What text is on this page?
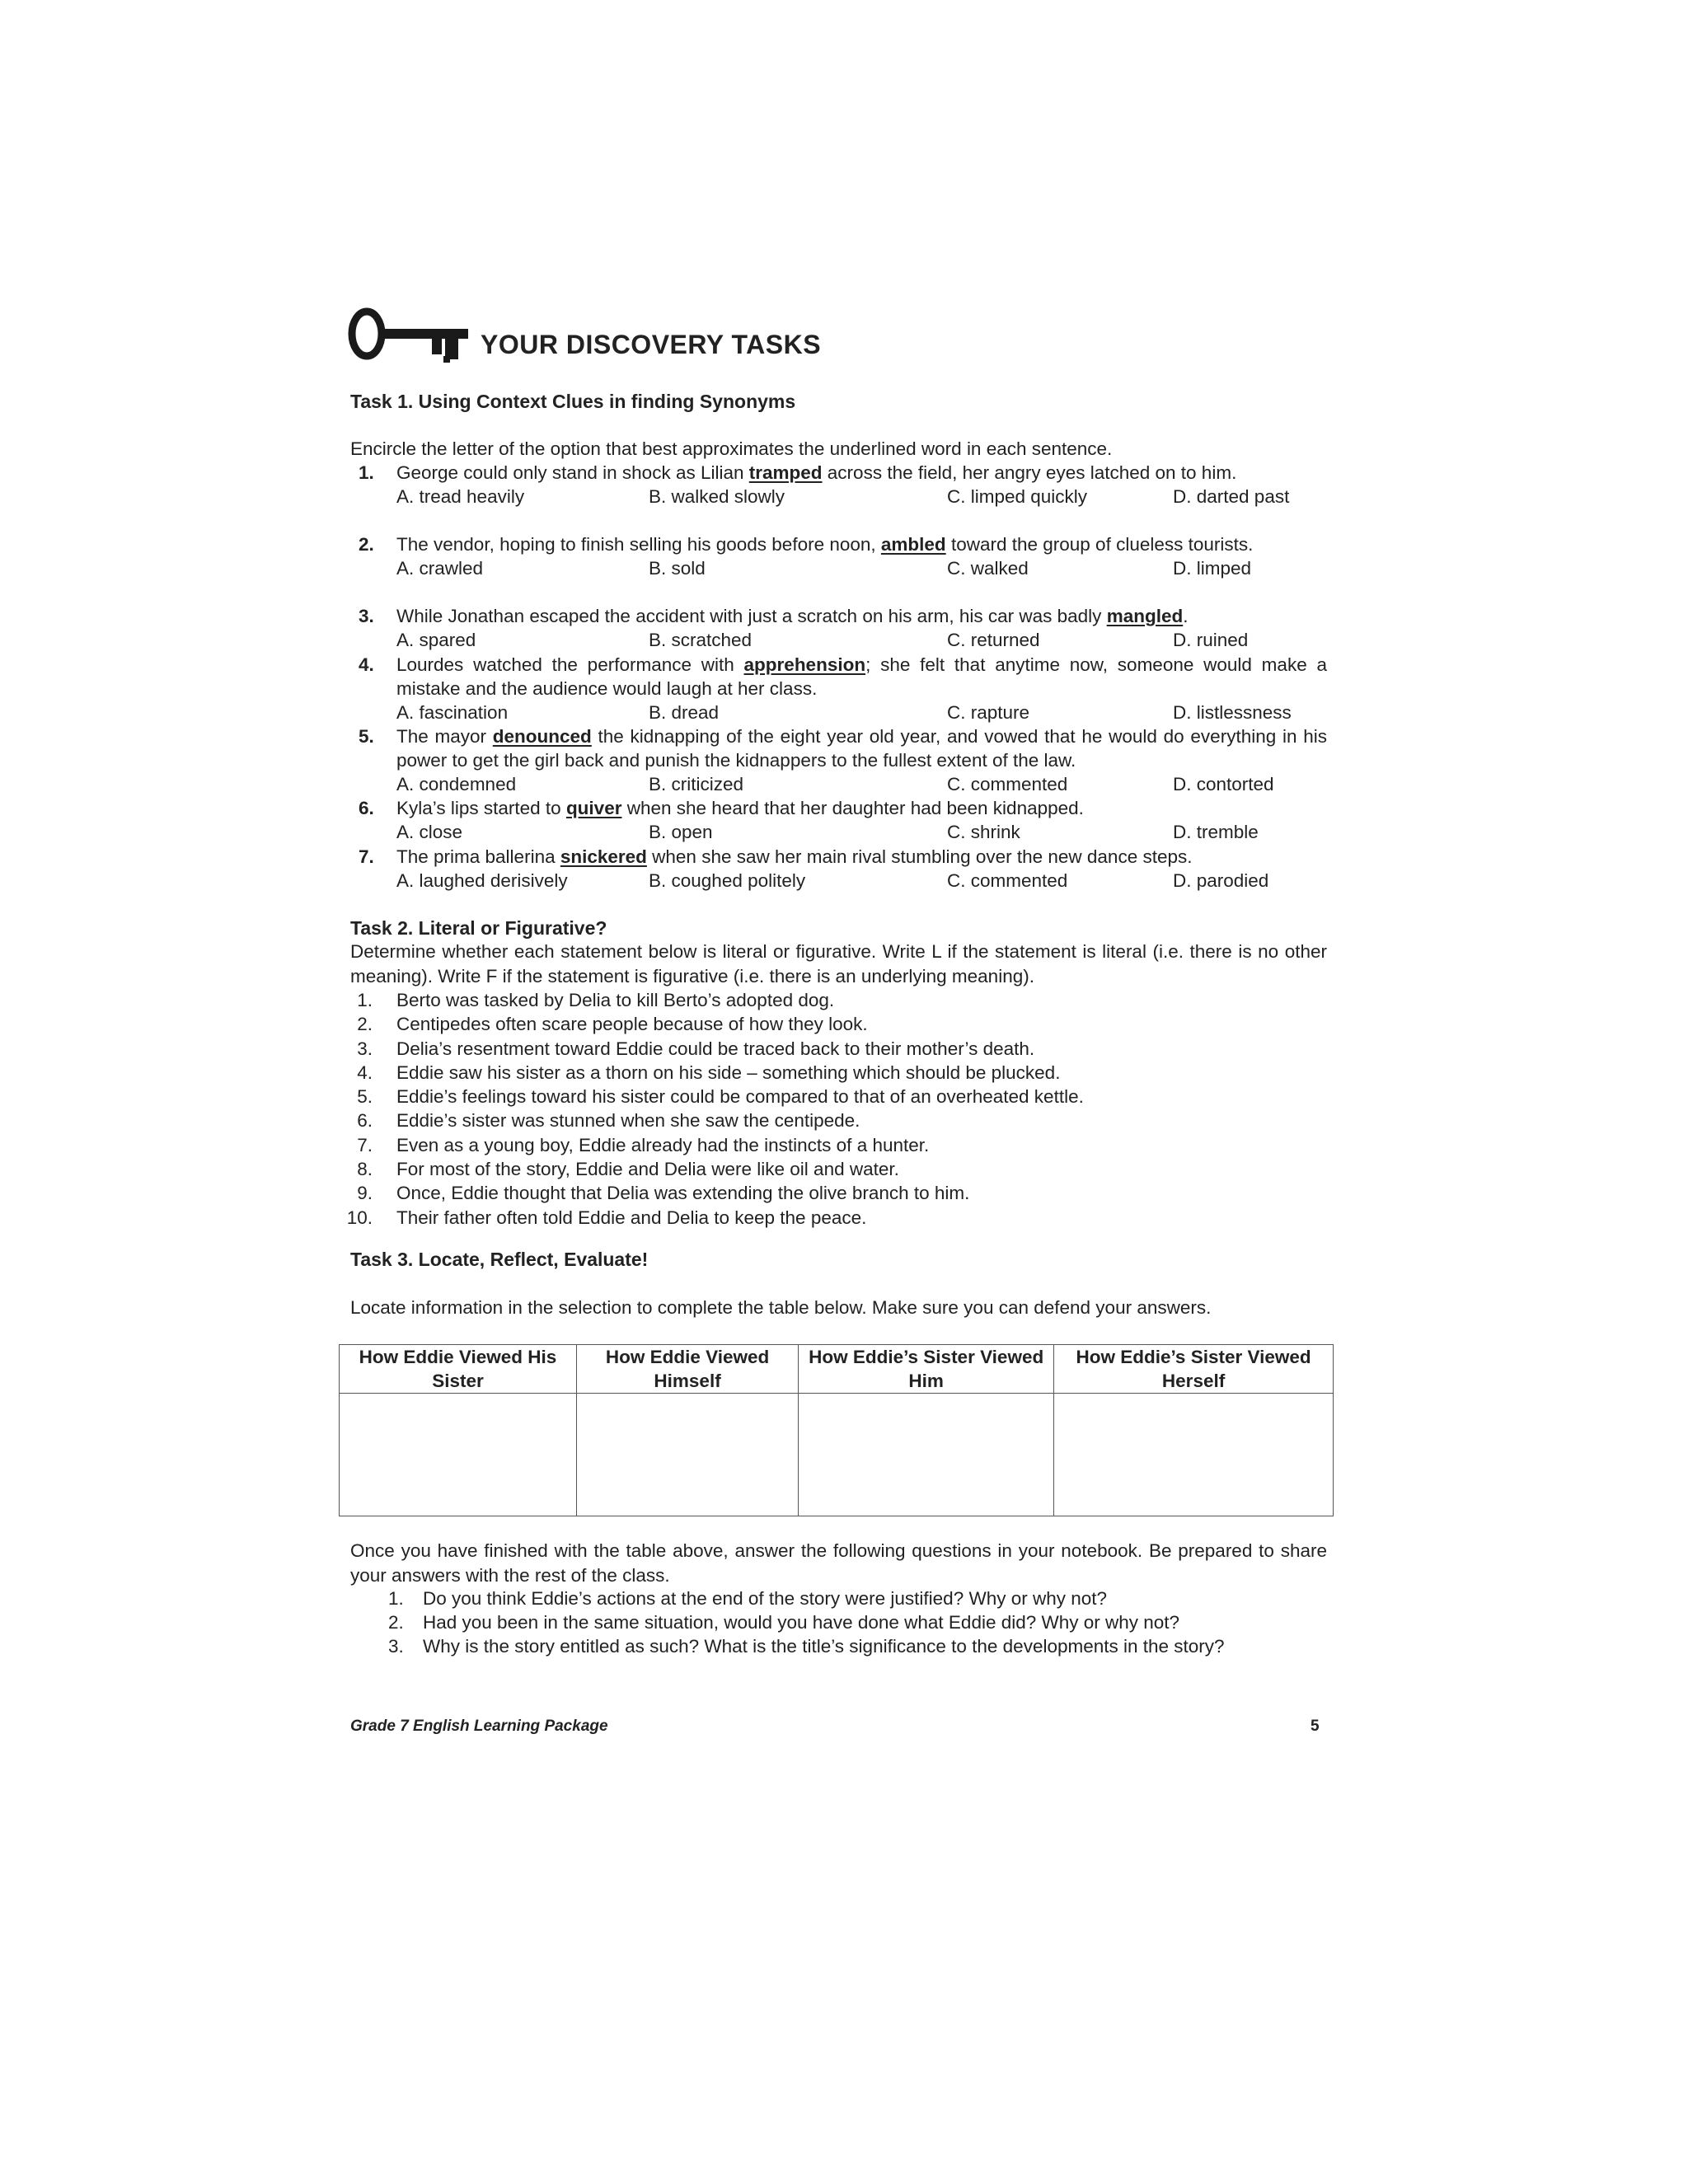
YOUR DISCOVERY TASKS
Task 1. Using Context Clues in finding Synonyms
Encircle the letter of the option that best approximates the underlined word in each sentence.
1. George could only stand in shock as Lilian tramped across the field, her angry eyes latched on to him.
A. tread heavily	B. walked slowly	C. limped quickly	D. darted past
2. The vendor, hoping to finish selling his goods before noon, ambled toward the group of clueless tourists.
A. crawled	B. sold	C. walked	D. limped
3. While Jonathan escaped the accident with just a scratch on his arm, his car was badly mangled.
A. spared	B. scratched	C. returned	D. ruined
4. Lourdes watched the performance with apprehension; she felt that anytime now, someone would make a mistake and the audience would laugh at her class.
A. fascination	B. dread	C. rapture	D. listlessness
5. The mayor denounced the kidnapping of the eight year old year, and vowed that he would do everything in his power to get the girl back and punish the kidnappers to the fullest extent of the law.
A. condemned	B. criticized	C. commented	D. contorted
6. Kyla’s lips started to quiver when she heard that her daughter had been kidnapped.
A. close	B. open	C. shrink	D. tremble
7. The prima ballerina snickered when she saw her main rival stumbling over the new dance steps.
A. laughed derisively	B. coughed politely	C. commented	D. parodied
Task 2. Literal or Figurative?
Determine whether each statement below is literal or figurative. Write L if the statement is literal (i.e. there is no other meaning). Write F if the statement is figurative (i.e. there is an underlying meaning).
1. Berto was tasked by Delia to kill Berto’s adopted dog.
2. Centipedes often scare people because of how they look.
3. Delia’s resentment toward Eddie could be traced back to their mother’s death.
4. Eddie saw his sister as a thorn on his side – something which should be plucked.
5. Eddie’s feelings toward his sister could be compared to that of an overheated kettle.
6. Eddie’s sister was stunned when she saw the centipede.
7. Even as a young boy, Eddie already had the instincts of a hunter.
8. For most of the story, Eddie and Delia were like oil and water.
9. Once, Eddie thought that Delia was extending the olive branch to him.
10. Their father often told Eddie and Delia to keep the peace.
Task 3. Locate, Reflect, Evaluate!
Locate information in the selection to complete the table below. Make sure you can defend your answers.
How Eddie Viewed His Sister	How Eddie Viewed Himself	How Eddie’s Sister Viewed Him	How Eddie’s Sister Viewed Herself

Once you have finished with the table above, answer the following questions in your notebook. Be prepared to share your answers with the rest of the class.
1. Do you think Eddie’s actions at the end of the story were justified? Why or why not?
2. Had you been in the same situation, would you have done what Eddie did? Why or why not?
3. Why is the story entitled as such? What is the title’s significance to the developments in the story?
Grade 7 English Learning Package	5
